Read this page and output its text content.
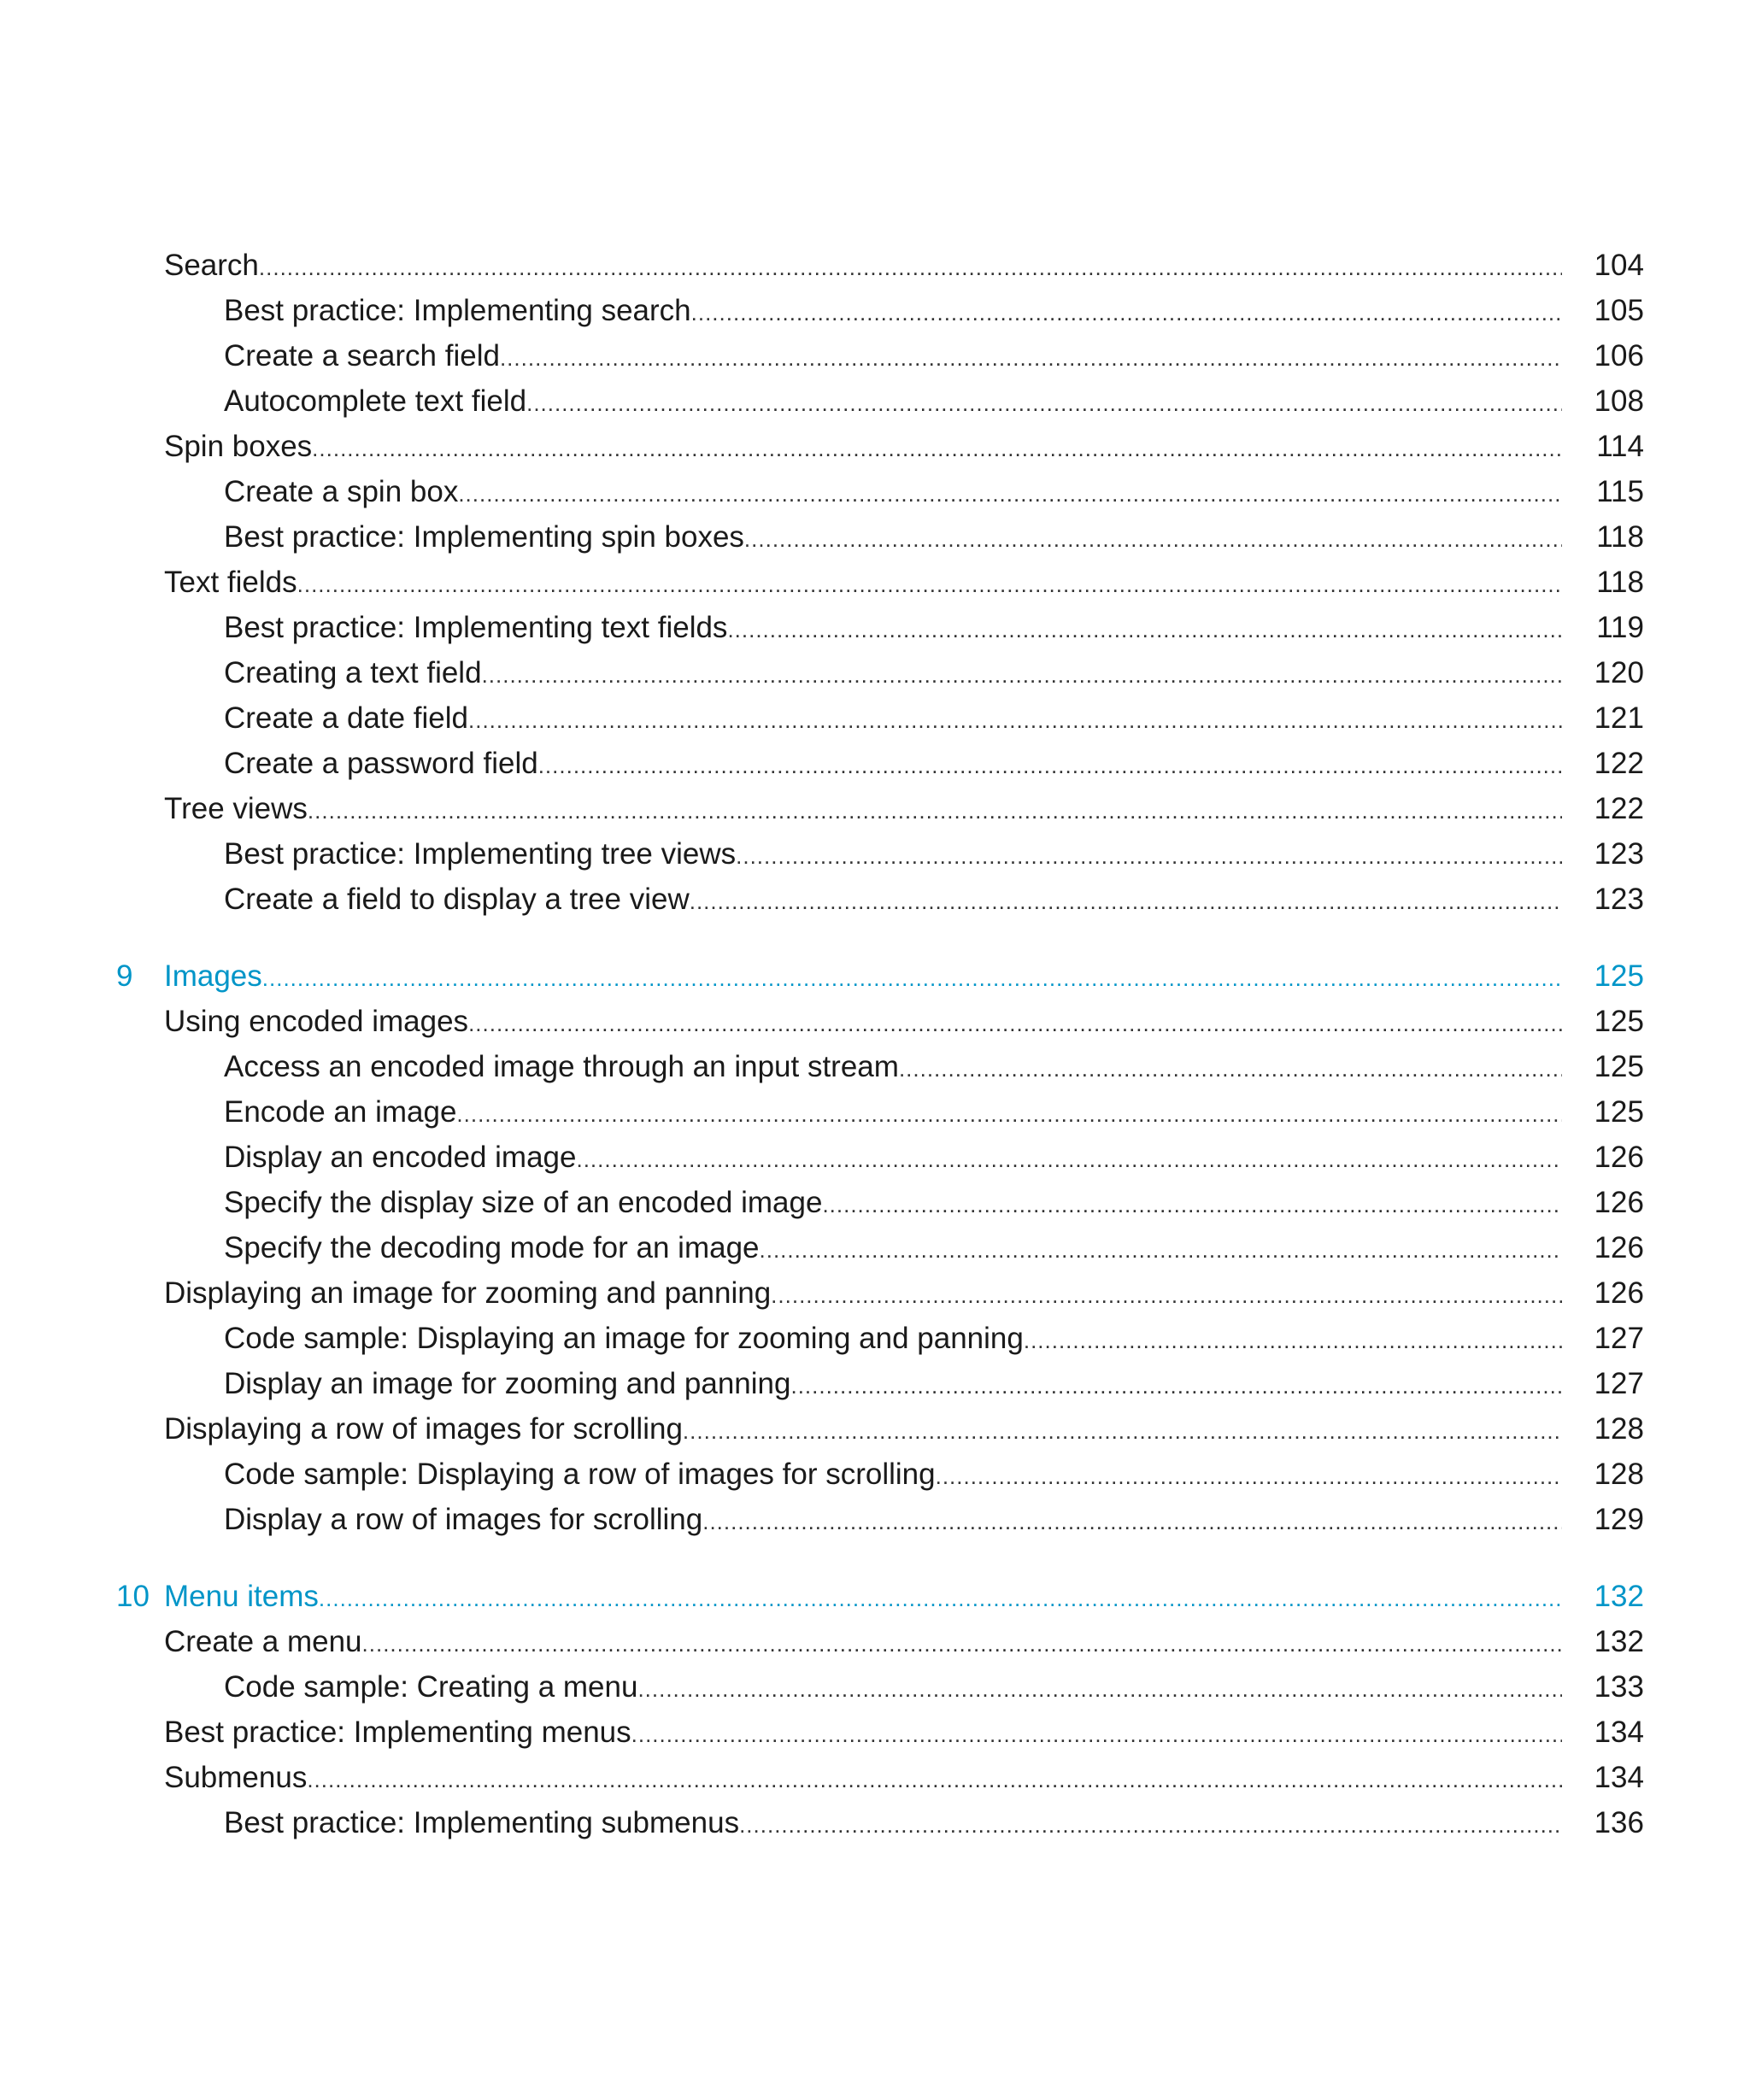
Search .....	104
Best practice: Implementing search .....	105
Create a search field .....	106
Autocomplete text field .....	108
Spin boxes .....	114
Create a spin box .....	115
Best practice: Implementing spin boxes .....	118
Text fields .....	118
Best practice: Implementing text fields .....	119
Creating a text field .....	120
Create a date field .....	121
Create a password field .....	122
Tree views .....	122
Best practice: Implementing tree views .....	123
Create a field to display a tree view .....	123
9 Images .....	125
Using encoded images .....	125
Access an encoded image through an input stream .....	125
Encode an image .....	125
Display an encoded image .....	126
Specify the display size of an encoded image .....	126
Specify the decoding mode for an image .....	126
Displaying an image for zooming and panning .....	126
Code sample: Displaying an image for zooming and panning .....	127
Display an image for zooming and panning .....	127
Displaying a row of images for scrolling .....	128
Code sample: Displaying a row of images for scrolling .....	128
Display a row of images for scrolling .....	129
10 Menu items .....	132
Create a menu .....	132
Code sample: Creating a menu .....	133
Best practice: Implementing menus .....	134
Submenus .....	134
Best practice: Implementing submenus .....	136
